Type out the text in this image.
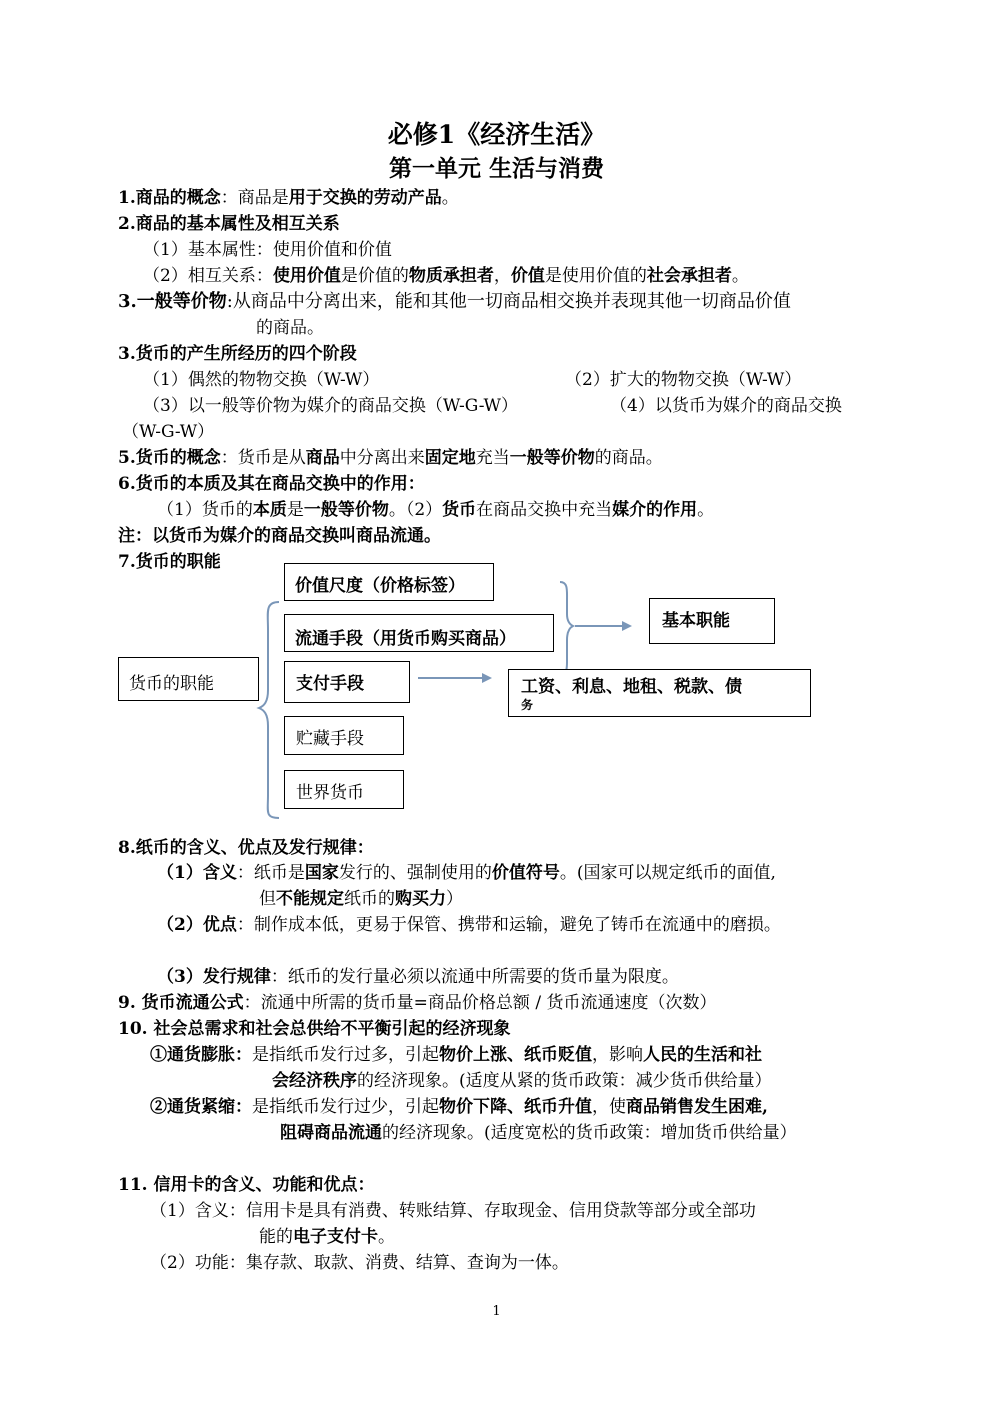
必修1《经济生活》
第一单元 生活与消费
1.商品的概念：商品是用于交换的劳动产品。
2.商品的基本属性及相互关系
（1）基本属性：使用价值和价值
（2）相互关系：使用价值是价值的物质承担者，价值是使用价值的社会承担者。
3.一般等价物:从商品中分离出来，能和其他一切商品相交换并表现其他一切商品价值
的商品。
3.货币的产生所经历的四个阶段
（1）偶然的物物交换（W-W）	（2）扩大的物物交换（W-W）
（3）以一般等价物为媒介的商品交换（W-G-W）	（4）以货币为媒介的商品交换
（W-G-W）
5.货币的概念：货币是从商品中分离出来固定地充当一般等价物的商品。
6.货币的本质及其在商品交换中的作用：
（1）货币的本质是一般等价物。（2）货币在商品交换中充当媒介的作用。
注：以货币为媒介的商品交换叫商品流通。
7.货币的职能
货币的职能
价值尺度（价格标签）
流通手段（用货币购买商品）
支付手段
贮藏手段
世界货币
基本职能
工资、利息、地租、税款、债
务
8.纸币的含义、优点及发行规律：
（1）含义：纸币是国家发行的、强制使用的价值符号。(国家可以规定纸币的面值,
但不能规定纸币的购买力）
（2）优点：制作成本低，更易于保管、携带和运输，避免了铸币在流通中的磨损。
（3）发行规律：纸币的发行量必须以流通中所需要的货币量为限度。
9. 货币流通公式：流通中所需的货币量=商品价格总额 / 货币流通速度（次数）
10. 社会总需求和社会总供给不平衡引起的经济现象
①通货膨胀：是指纸币发行过多，引起物价上涨、纸币贬值，影响人民的生活和社
会经济秩序的经济现象。(适度从紧的货币政策：减少货币供给量）
②通货紧缩：是指纸币发行过少，引起物价下降、纸币升值，使商品销售发生困难,
阻碍商品流通的经济现象。(适度宽松的货币政策：增加货币供给量）
11. 信用卡的含义、功能和优点：
（1）含义：信用卡是具有消费、转账结算、存取现金、信用贷款等部分或全部功
能的电子支付卡。
（2）功能：集存款、取款、消费、结算、查询为一体。
1
